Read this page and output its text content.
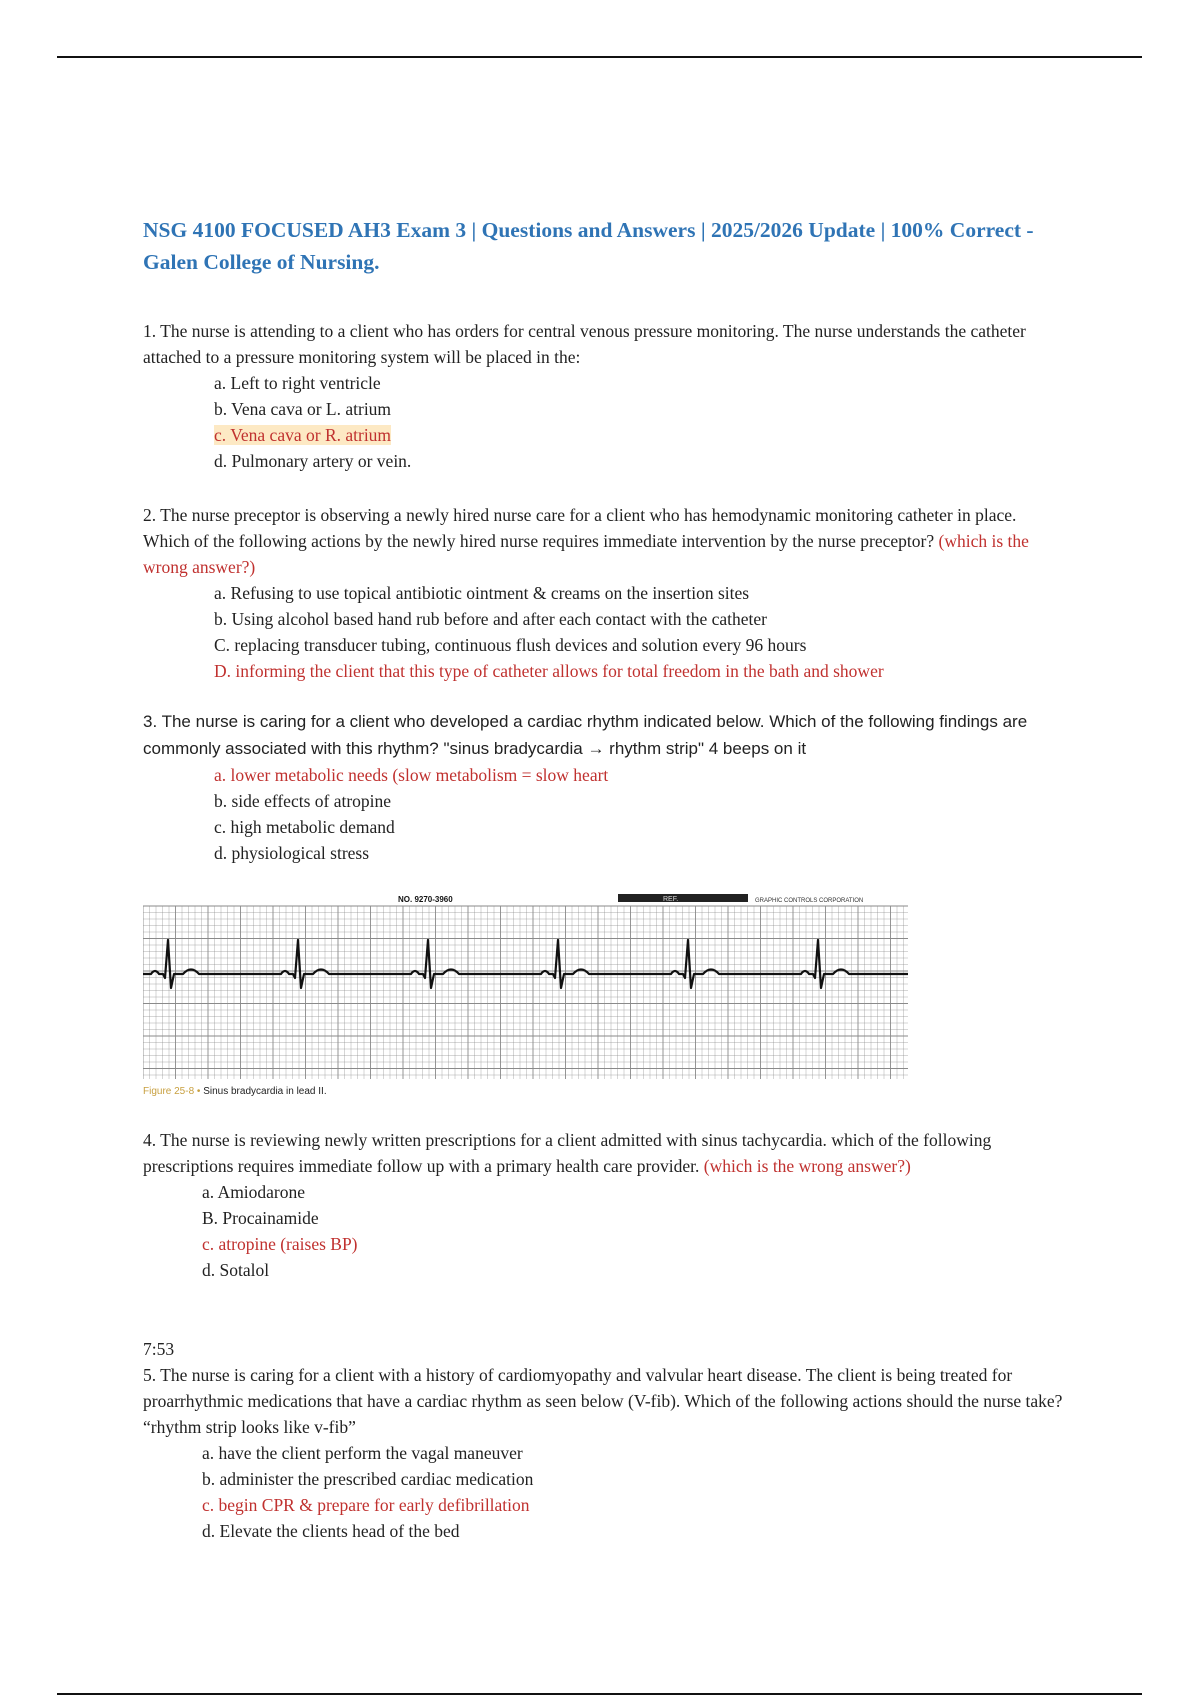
NSG 4100 FOCUSED AH3 Exam 3 | Questions and Answers | 2025/2026 Update | 100% Correct - Galen College of Nursing.

1. The nurse is attending to a client who has orders for central venous pressure monitoring. The nurse understands the catheter attached to a pressure monitoring system will be placed in the:

a. Left to right ventricle
b. Vena cava or L. atrium
c. Vena cava or R. atrium
d. Pulmonary artery or vein.

2. The nurse preceptor is observing a newly hired nurse care for a client who has hemodynamic monitoring catheter in place. Which of the following actions by the newly hired nurse requires immediate intervention by the nurse preceptor? (which is the wrong answer?)

a. Refusing to use topical antibiotic ointment & creams on the insertion sites
b. Using alcohol based hand rub before and after each contact with the catheter
C. replacing transducer tubing, continuous flush devices and solution every 96 hours
D. informing the client that this type of catheter allows for total freedom in the bath and shower

3. The nurse is caring for a client who developed a cardiac rhythm indicated below. Which of the following findings are commonly associated with this rhythm? "sinus bradycardia → rhythm strip" 4 beeps on it

a. lower metabolic needs (slow metabolism = slow heart
b. side effects of atropine
c. high metabolic demand
d. physiological stress
NO. 9270-3960	REF.	GRAPHIC CONTROLS CORPORATION
Figure 25-8 • Sinus bradycardia in lead II.

4. The nurse is reviewing newly written prescriptions for a client admitted with sinus tachycardia. which of the following prescriptions requires immediate follow up with a primary health care provider. (which is the wrong answer?)

a. Amiodarone
B. Procainamide
c. atropine (raises BP)
d. Sotalol

7:53

5. The nurse is caring for a client with a history of cardiomyopathy and valvular heart disease. The client is being treated for proarrhythmic medications that have a cardiac rhythm as seen below (V-fib). Which of the following actions should the nurse take? “rhythm strip looks like v-fib”

a. have the client perform the vagal maneuver
b. administer the prescribed cardiac medication
c. begin CPR & prepare for early defibrillation
d. Elevate the clients head of the bed
